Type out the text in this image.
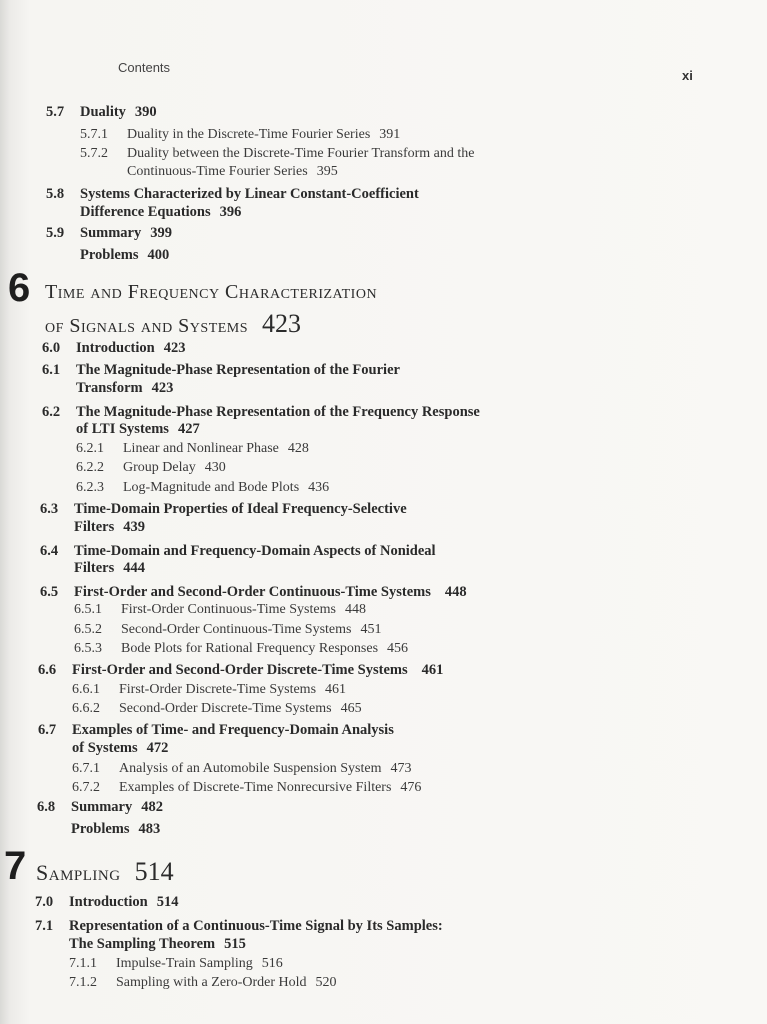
Contents
xi
5.7 Duality 390
5.7.1 Duality in the Discrete-Time Fourier Series 391
5.7.2 Duality between the Discrete-Time Fourier Transform and the
Continuous-Time Fourier Series 395
5.8 Systems Characterized by Linear Constant-Coefficient
Difference Equations 396
5.9 Summary 399
Problems 400
6 Time and Frequency Characterization
of Signals and Systems 423
6.0 Introduction 423
6.1 The Magnitude-Phase Representation of the Fourier
Transform 423
6.2 The Magnitude-Phase Representation of the Frequency Response
of LTI Systems 427
6.2.1 Linear and Nonlinear Phase 428
6.2.2 Group Delay 430
6.2.3 Log-Magnitude and Bode Plots 436
6.3 Time-Domain Properties of Ideal Frequency-Selective
Filters 439
6.4 Time-Domain and Frequency-Domain Aspects of Nonideal
Filters 444
6.5 First-Order and Second-Order Continuous-Time Systems 448
6.5.1 First-Order Continuous-Time Systems 448
6.5.2 Second-Order Continuous-Time Systems 451
6.5.3 Bode Plots for Rational Frequency Responses 456
6.6 First-Order and Second-Order Discrete-Time Systems 461
6.6.1 First-Order Discrete-Time Systems 461
6.6.2 Second-Order Discrete-Time Systems 465
6.7 Examples of Time- and Frequency-Domain Analysis
of Systems 472
6.7.1 Analysis of an Automobile Suspension System 473
6.7.2 Examples of Discrete-Time Nonrecursive Filters 476
6.8 Summary 482
Problems 483
7 Sampling 514
7.0 Introduction 514
7.1 Representation of a Continuous-Time Signal by Its Samples:
The Sampling Theorem 515
7.1.1 Impulse-Train Sampling 516
7.1.2 Sampling with a Zero-Order Hold 520
